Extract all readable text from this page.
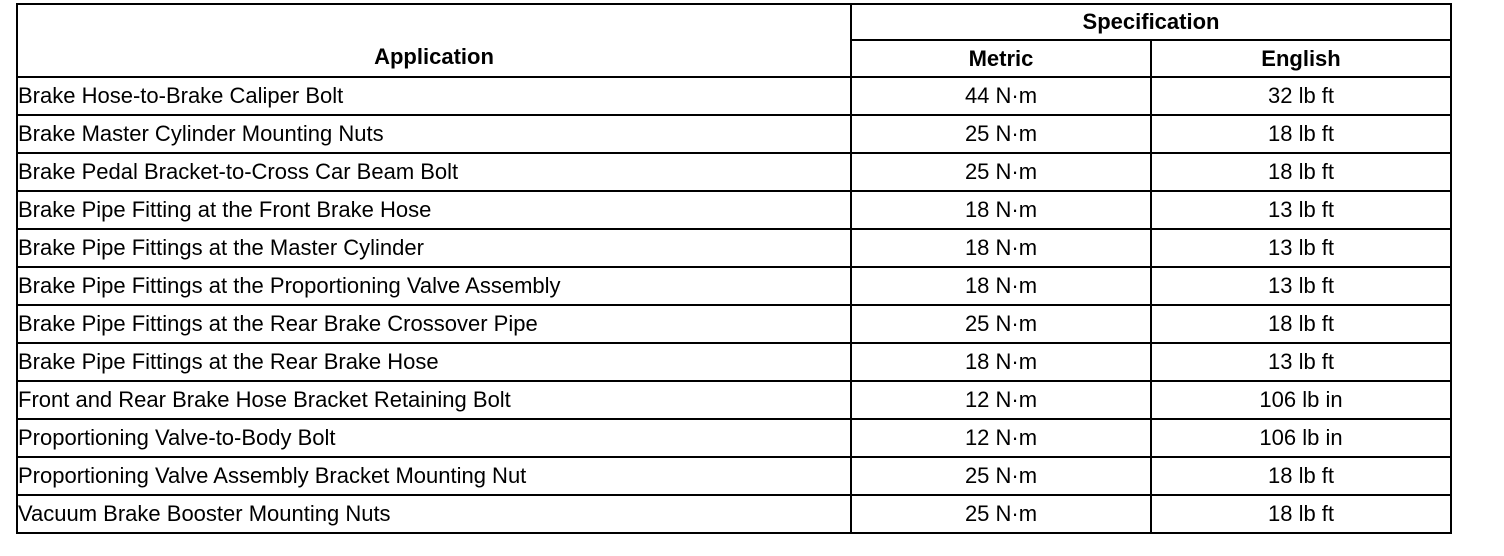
Application	Specification	
	Metric	English
Brake Hose-to-Brake Caliper Bolt	44 N·m	32 lb ft
Brake Master Cylinder Mounting Nuts	25 N·m	18 lb ft
Brake Pedal Bracket-to-Cross Car Beam Bolt	25 N·m	18 lb ft
Brake Pipe Fitting at the Front Brake Hose	18 N·m	13 lb ft
Brake Pipe Fittings at the Master Cylinder	18 N·m	13 lb ft
Brake Pipe Fittings at the Proportioning Valve Assembly	18 N·m	13 lb ft
Brake Pipe Fittings at the Rear Brake Crossover Pipe	25 N·m	18 lb ft
Brake Pipe Fittings at the Rear Brake Hose	18 N·m	13 lb ft
Front and Rear Brake Hose Bracket Retaining Bolt	12 N·m	106 lb in
Proportioning Valve-to-Body Bolt	12 N·m	106 lb in
Proportioning Valve Assembly Bracket Mounting Nut	25 N·m	18 lb ft
Vacuum Brake Booster Mounting Nuts	25 N·m	18 lb ft
